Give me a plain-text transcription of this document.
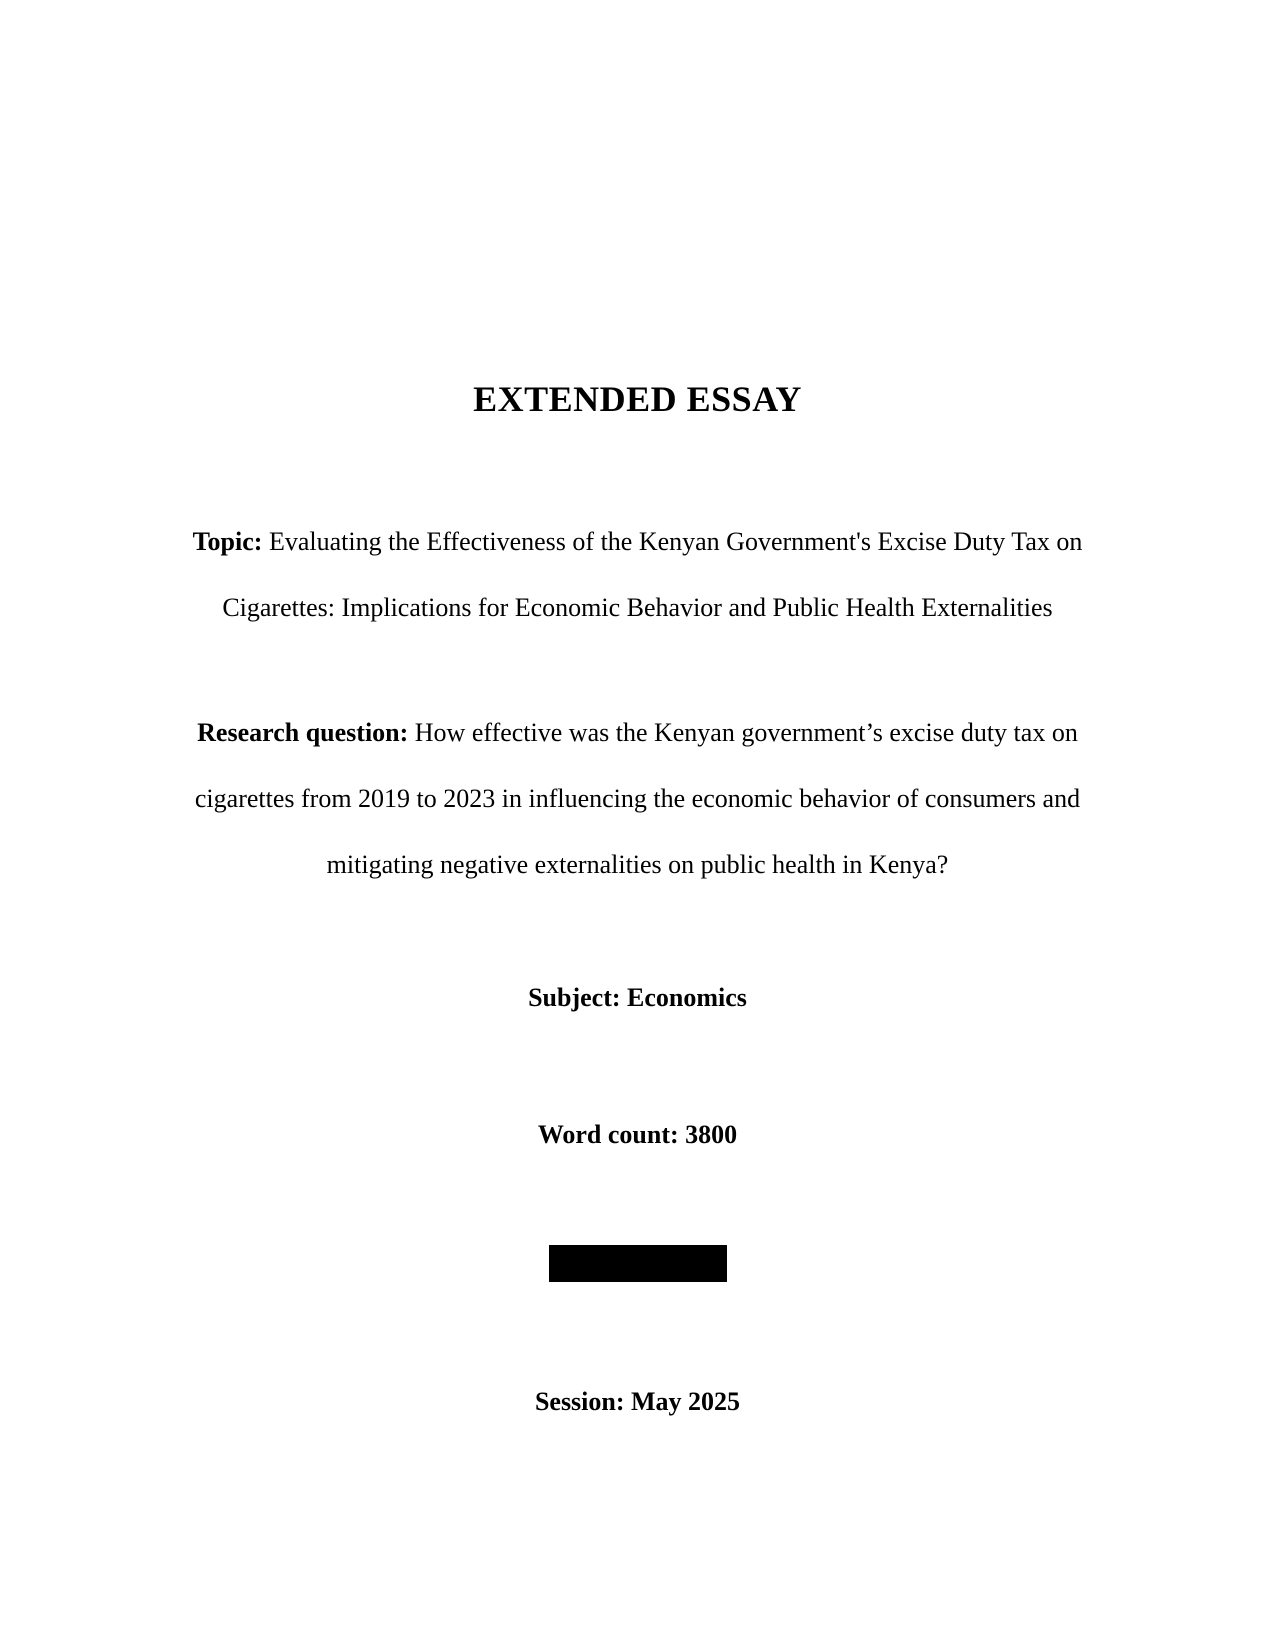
EXTENDED ESSAY

Topic: Evaluating the Effectiveness of the Kenyan Government's Excise Duty Tax on Cigarettes: Implications for Economic Behavior and Public Health Externalities

Research question: How effective was the Kenyan government’s excise duty tax on cigarettes from 2019 to 2023 in influencing the economic behavior of consumers and mitigating negative externalities on public health in Kenya?

Subject: Economics

Word count: 3800

Session: May 2025
